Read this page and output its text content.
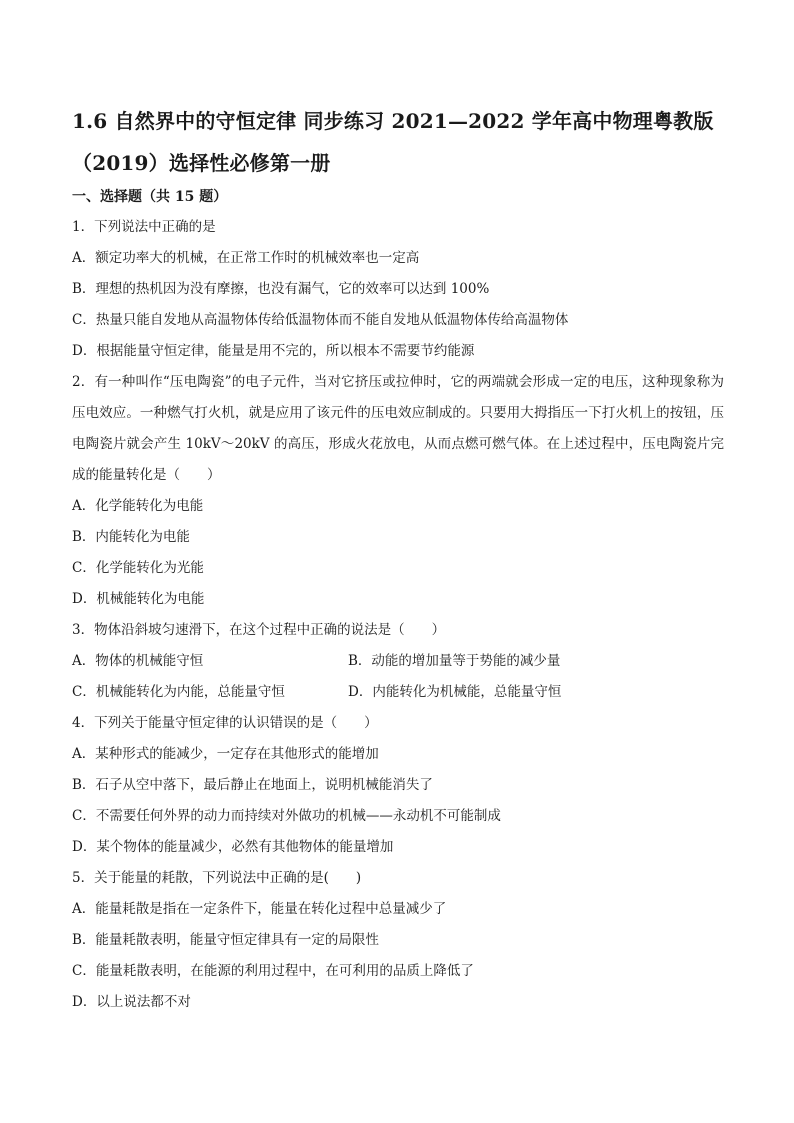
1.6 自然界中的守恒定律 同步练习 2021—2022 学年高中物理粤教版（2019）选择性必修第一册
一、选择题（共 15 题）
1．下列说法中正确的是
A．额定功率大的机械，在正常工作时的机械效率也一定高
B．理想的热机因为没有摩擦，也没有漏气，它的效率可以达到 100%
C．热量只能自发地从高温物体传给低温物体而不能自发地从低温物体传给高温物体
D．根据能量守恒定律，能量是用不完的，所以根本不需要节约能源
2．有一种叫作“压电陶瓷”的电子元件，当对它挤压或拉伸时，它的两端就会形成一定的电压，这种现象称为压电效应。一种燃气打火机，就是应用了该元件的压电效应制成的。只要用大拇指压一下打火机上的按钮，压电陶瓷片就会产生 10kV～20kV 的高压，形成火花放电，从而点燃可燃气体。在上述过程中，压电陶瓷片完成的能量转化是（　　）
A．化学能转化为电能
B．内能转化为电能
C．化学能转化为光能
D．机械能转化为电能
3．物体沿斜坡匀速滑下，在这个过程中正确的说法是（　　）
A．物体的机械能守恒	B．动能的增加量等于势能的减少量
C．机械能转化为内能，总能量守恒	D．内能转化为机械能，总能量守恒
4．下列关于能量守恒定律的认识错误的是（　　）
A．某种形式的能减少，一定存在其他形式的能增加
B．石子从空中落下，最后静止在地面上，说明机械能消失了
C．不需要任何外界的动力而持续对外做功的机械——永动机不可能制成
D．某个物体的能量减少，必然有其他物体的能量增加
5．关于能量的耗散，下列说法中正确的是(　　)
A．能量耗散是指在一定条件下，能量在转化过程中总量减少了
B．能量耗散表明，能量守恒定律具有一定的局限性
C．能量耗散表明，在能源的利用过程中，在可利用的品质上降低了
D．以上说法都不对
